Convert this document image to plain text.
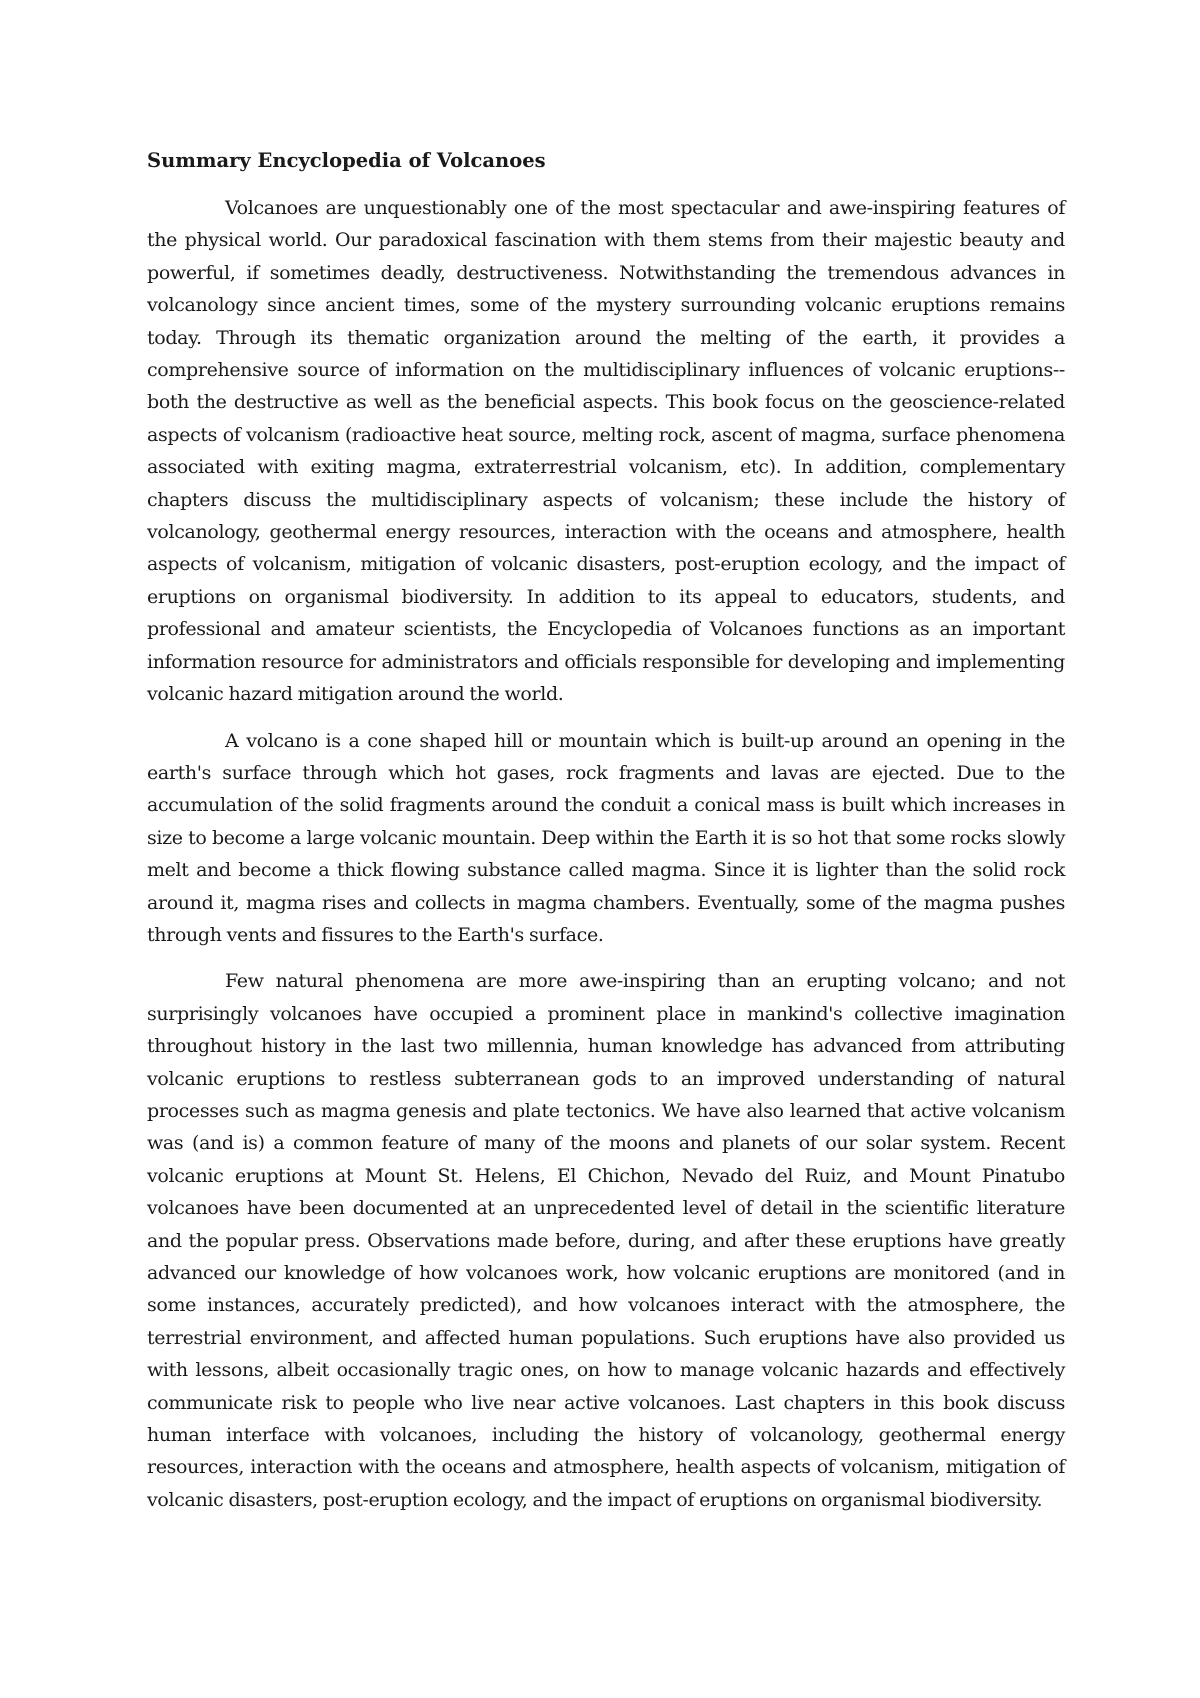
Summary Encyclopedia of Volcanoes

Volcanoes are unquestionably one of the most spectacular and awe-inspiring features of the physical world. Our paradoxical fascination with them stems from their majestic beauty and powerful, if sometimes deadly, destructiveness. Notwithstanding the tremendous advances in volcanology since ancient times, some of the mystery surrounding volcanic eruptions remains today. Through its thematic organization around the melting of the earth, it provides a comprehensive source of information on the multidisciplinary influences of volcanic eruptions--both the destructive as well as the beneficial aspects. This book focus on the geoscience-related aspects of volcanism (radioactive heat source, melting rock, ascent of magma, surface phenomena associated with exiting magma, extraterrestrial volcanism, etc). In addition, complementary chapters discuss the multidisciplinary aspects of volcanism; these include the history of volcanology, geothermal energy resources, interaction with the oceans and atmosphere, health aspects of volcanism, mitigation of volcanic disasters, post-eruption ecology, and the impact of eruptions on organismal biodiversity. In addition to its appeal to educators, students, and professional and amateur scientists, the Encyclopedia of Volcanoes functions as an important information resource for administrators and officials responsible for developing and implementing volcanic hazard mitigation around the world.

A volcano is a cone shaped hill or mountain which is built-up around an opening in the earth's surface through which hot gases, rock fragments and lavas are ejected. Due to the accumulation of the solid fragments around the conduit a conical mass is built which increases in size to become a large volcanic mountain. Deep within the Earth it is so hot that some rocks slowly melt and become a thick flowing substance called magma. Since it is lighter than the solid rock around it, magma rises and collects in magma chambers. Eventually, some of the magma pushes through vents and fissures to the Earth's surface.

Few natural phenomena are more awe-inspiring than an erupting volcano; and not surprisingly volcanoes have occupied a prominent place in mankind's collective imagination throughout history in the last two millennia, human knowledge has advanced from attributing volcanic eruptions to restless subterranean gods to an improved understanding of natural processes such as magma genesis and plate tectonics. We have also learned that active volcanism was (and is) a common feature of many of the moons and planets of our solar system. Recent volcanic eruptions at Mount St. Helens, El Chichon, Nevado del Ruiz, and Mount Pinatubo volcanoes have been documented at an unprecedented level of detail in the scientific literature and the popular press. Observations made before, during, and after these eruptions have greatly advanced our knowledge of how volcanoes work, how volcanic eruptions are monitored (and in some instances, accurately predicted), and how volcanoes interact with the atmosphere, the terrestrial environment, and affected human populations. Such eruptions have also provided us with lessons, albeit occasionally tragic ones, on how to manage volcanic hazards and effectively communicate risk to people who live near active volcanoes. Last chapters in this book discuss human interface with volcanoes, including the history of volcanology, geothermal energy resources, interaction with the oceans and atmosphere, health aspects of volcanism, mitigation of volcanic disasters, post-eruption ecology, and the impact of eruptions on organismal biodiversity.
